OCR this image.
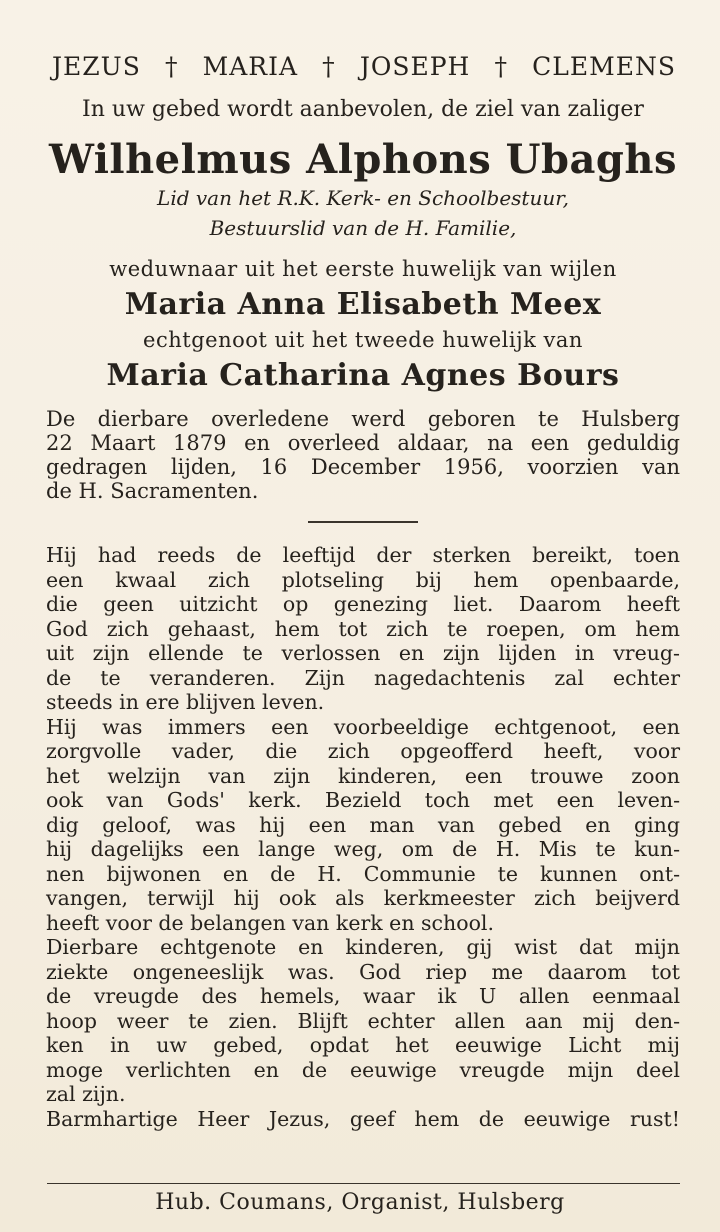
JEZUS † MARIA † JOSEPH † CLEMENS
In uw gebed wordt aanbevolen, de ziel van zaliger
Wilhelmus Alphons Ubaghs
Lid van het R.K. Kerk- en Schoolbestuur,
Bestuurslid van de H. Familie,
weduwnaar uit het eerste huwelijk van wijlen
Maria Anna Elisabeth Meex
echtgenoot uit het tweede huwelijk van
Maria Catharina Agnes Bours
De dierbare overledene werd geboren te Hulsberg
22 Maart 1879 en overleed aldaar, na een geduldig
gedragen lijden, 16 December 1956, voorzien van
de H. Sacramenten.
Hij had reeds de leeftijd der sterken bereikt, toen
een kwaal zich plotseling bij hem openbaarde,
die geen uitzicht op genezing liet. Daarom heeft
God zich gehaast, hem tot zich te roepen, om hem
uit zijn ellende te verlossen en zijn lijden in vreug-
de te veranderen. Zijn nagedachtenis zal echter
steeds in ere blijven leven.
Hij was immers een voorbeeldige echtgenoot, een
zorgvolle vader, die zich opgeofferd heeft, voor
het welzijn van zijn kinderen, een trouwe zoon
ook van Gods' kerk. Bezield toch met een leven-
dig geloof, was hij een man van gebed en ging
hij dagelijks een lange weg, om de H. Mis te kun-
nen bijwonen en de H. Communie te kunnen ont-
vangen, terwijl hij ook als kerkmeester zich beijverd
heeft voor de belangen van kerk en school.
Dierbare echtgenote en kinderen, gij wist dat mijn
ziekte ongeneeslijk was. God riep me daarom tot
de vreugde des hemels, waar ik U allen eenmaal
hoop weer te zien. Blijft echter allen aan mij den-
ken in uw gebed, opdat het eeuwige Licht mij
moge verlichten en de eeuwige vreugde mijn deel
zal zijn.
Barmhartige Heer Jezus, geef hem de eeuwige rust!
Hub. Coumans, Organist, Hulsberg
